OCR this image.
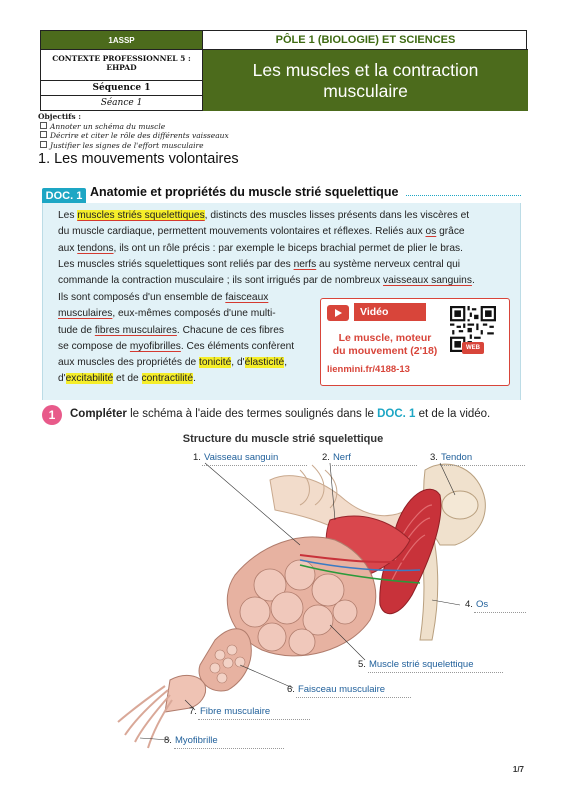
1ASSP	PÔLE 1 (BIOLOGIE) ET SCIENCES
CONTEXTE PROFESSIONNEL 5 :
EHPAD
Séquence 1
Séance 1
Les muscles et la contraction
musculaire
Objectifs :
Annoter un schéma du muscle
Décrire et citer le rôle des différents vaisseaux
Justifier les signes de l'effort musculaire
1. Les mouvements volontaires
DOC. 1 Anatomie et propriétés du muscle strié squelettique
Les muscles striés squelettiques, distincts des muscles lisses présents dans les viscères et
du muscle cardiaque, permettent mouvements volontaires et réflexes. Reliés aux os grâce
aux tendons, ils ont un rôle précis : par exemple le biceps brachial permet de plier le bras.
Les muscles striés squelettiques sont reliés par des nerfs au système nerveux central qui
commande la contraction musculaire ; ils sont irrigués par de nombreux vaisseaux sanguins.
Ils sont composés d'un ensemble de faisceaux
musculaires, eux-mêmes composés d'une multi-
tude de fibres musculaires. Chacune de ces fibres
se compose de myofibrilles. Ces éléments confèrent
aux muscles des propriétés de tonicité, d'élasticité,
d'excitabilité et de contractilité.
Vidéo
Le muscle, moteur
du mouvement (2'18)
lienmini.fr/4188-13
WEB
1	Compléter le schéma à l'aide des termes soulignés dans le DOC. 1 et de la vidéo.
Structure du muscle strié squelettique
1. Vaisseau sanguin	2. Nerf	3. Tendon
4. Os
5. Muscle strié squelettique
6. Faisceau musculaire
7. Fibre musculaire
8. Myofibrille
1/7
